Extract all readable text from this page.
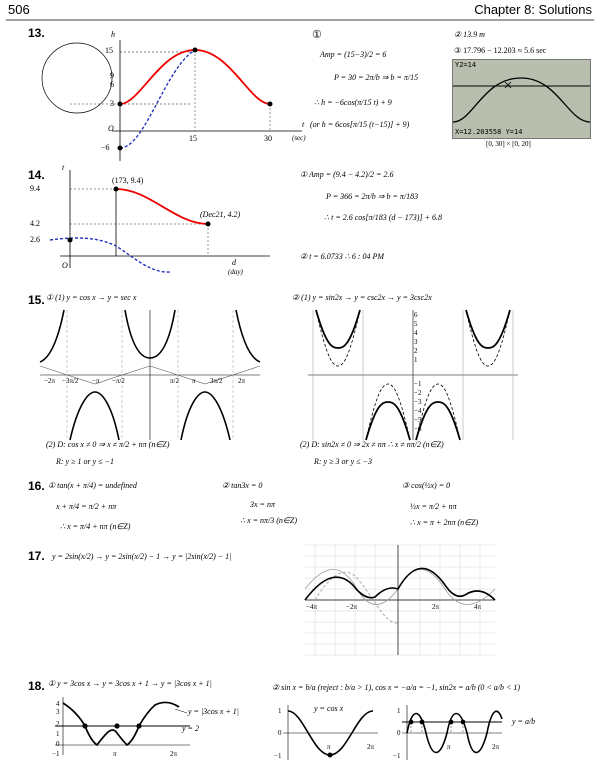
506	Chapter 8: Solutions
13.	h
15
9
6
3
O
−6
15	30
t
(sec)
①
Amp = (15−3)/2 = 6
P = 30 = 2π/b ⇒ b = π/15
∴ h = −6cos(π/15 t) + 9
(or h = 6cos[π/15 (t−15)] + 9)
② 13.9 m
③ 17.796 − 12.203 ≈ 5.6 sec
Y2=14
X=12.203558 Y=14
[0, 30] × [0, 20]
14.
t
9.4
4.2
2.6
O
(173, 9.4)
(Dec21, 4.2)
d
(day)
① Amp = (9.4 − 4.2)/2 = 2.6
P = 366 = 2π/b ⇒ b = π/183
∴ t = 2.6 cos[π/183 (d − 173)] + 6.8
② t = 6.0733 ∴ 6 : 04 PM
15. ① (1) y = cos x → y = sec x
−2π −3π/2 −π −π/2	π/2 π 3π/2 2π
(2) D: cos x ≠ 0 ⇒ x ≠ π/2 + nπ (n∈Z)
R: y ≥ 1 or y ≤ −1
② (1) y = sin2x → y = csc2x → y = 3csc2x
6
5
4
3
2
1
−1
−2
−3
−4
−5
−6
(2) D: sin2x ≠ 0 ⇒ 2x ≠ nπ ∴ x ≠ nπ/2 (n∈Z)
R: y ≥ 3 or y ≤ −3
16. ① tan(x + π/4) = undefined
x + π/4 = π/2 + nπ
∴ x = π/4 + nπ (n∈Z)
② tan3x = 0
3x = nπ
∴ x = nπ/3 (n∈Z)
③ cos(½x) = 0
½x = π/2 + nπ
∴ x = π + 2nπ (n∈Z)
17. y = 2sin(x/2) → y = 2sin(x/2) − 1 → y = |2sin(x/2) − 1|
−4π	−2π	2π	4π
18. ① y = 3cos x → y = 3cos x + 1 → y = |3cos x + 1|
4
3
2
1
0
−1	π	2π
y = |3cos x + 1|
y = 2
② sin x = b/a (reject : b/a > 1), cos x = −a/a = −1, sin2x = a/b (0 < a/b < 1)
y = cos x
1
0
−1
π	2π
y = a/b
1
0
−1
π	2π
